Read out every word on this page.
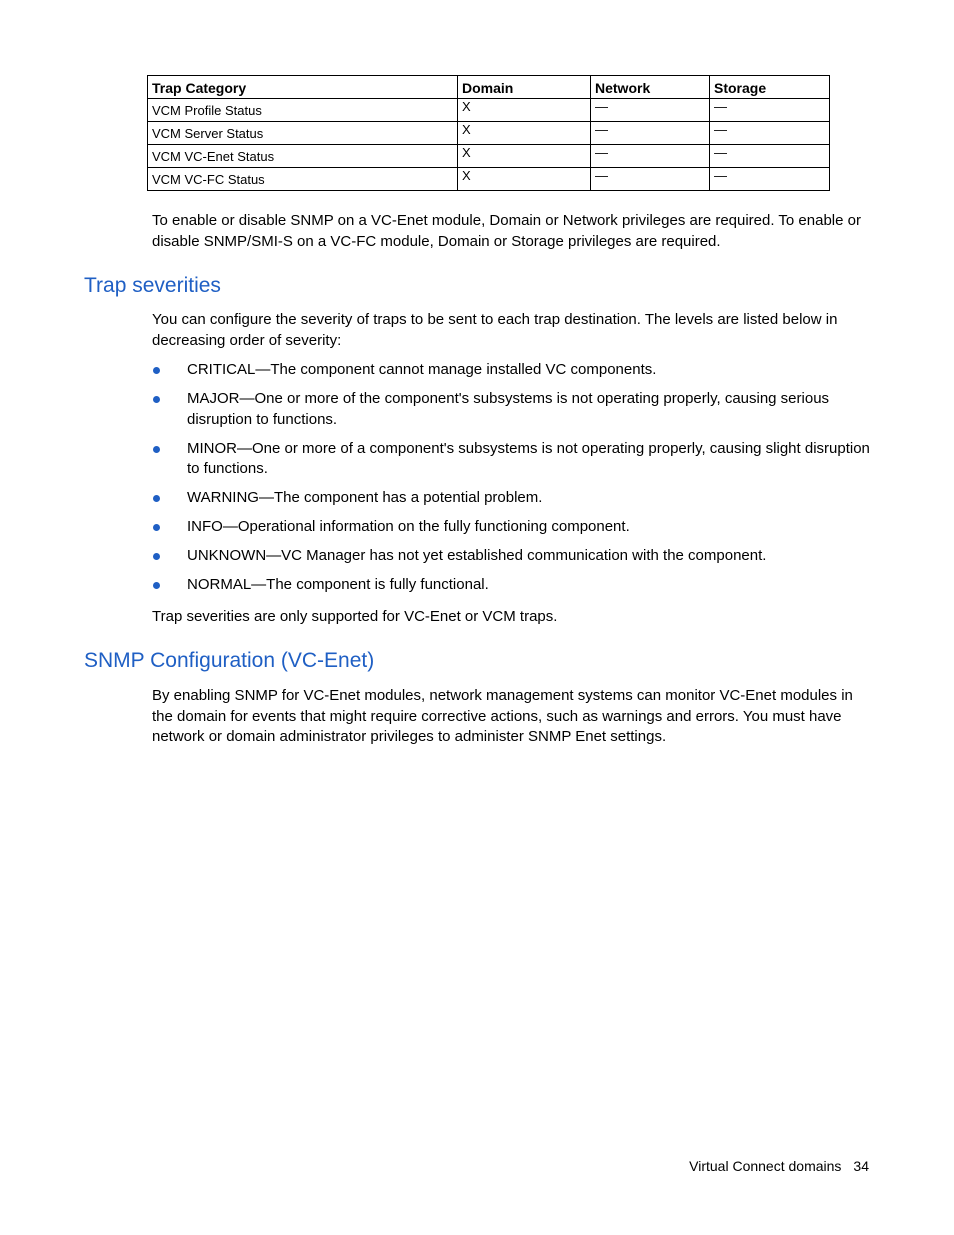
Trap Category	Domain	Network	Storage
VCM Profile Status	X	—	—
VCM Server Status	X	—	—
VCM VC-Enet Status	X	—	—
VCM VC-FC Status	X	—	—

To enable or disable SNMP on a VC-Enet module, Domain or Network privileges are required. To enable or disable SNMP/SMI-S on a VC-FC module, Domain or Storage privileges are required.

Trap severities

You can configure the severity of traps to be sent to each trap destination. The levels are listed below in decreasing order of severity:

CRITICAL—The component cannot manage installed VC components.
MAJOR—One or more of the component's subsystems is not operating properly, causing serious disruption to functions.
MINOR—One or more of a component's subsystems is not operating properly, causing slight disruption to functions.
WARNING—The component has a potential problem.
INFO—Operational information on the fully functioning component.
UNKNOWN—VC Manager has not yet established communication with the component.
NORMAL—The component is fully functional.

Trap severities are only supported for VC-Enet or VCM traps.

SNMP Configuration (VC-Enet)

By enabling SNMP for VC-Enet modules, network management systems can monitor VC-Enet modules in the domain for events that might require corrective actions, such as warnings and errors. You must have network or domain administrator privileges to administer SNMP Enet settings.

Virtual Connect domains 34
